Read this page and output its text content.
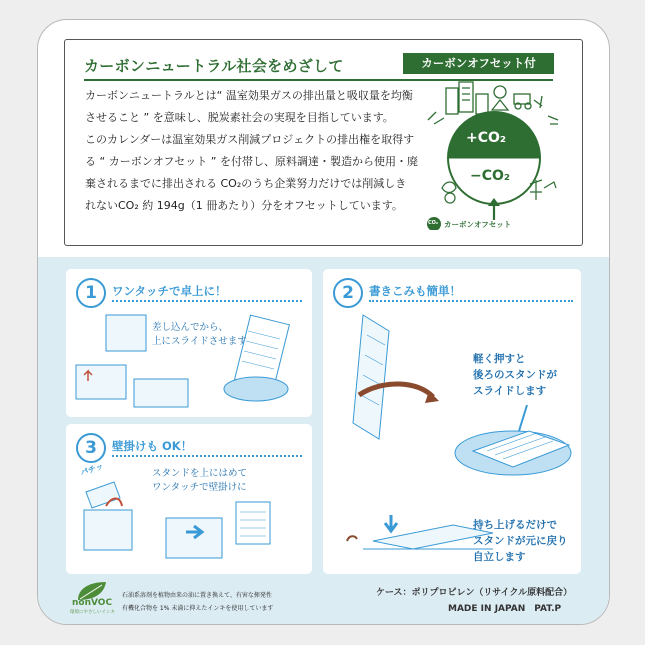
カーボンニュートラル社会をめざして	カーボンオフセット付
カーボンニュートラルとは“ 温室効果ガスの排出量と吸収量を均衡
させること ” を意味し、脱炭素社会の実現を目指しています。
このカレンダーは温室効果ガス削減プロジェクトの排出権を取得す
る “ カーボンオフセット ” を付帯し、原料調達・製造から使用・廃
棄されるまでに排出される CO₂のうち企業努力だけでは削減しき
れないCO₂ 約 194g（1 冊あたり）分をオフセットしています。
+CO₂
−CO₂
CO₂ カーボンオフセット
1	ワンタッチで卓上に！
差し込んでから、
上にスライドさせます
3	壁掛けも OK！
パチッ	スタンドを上にはめて
ワンタッチで壁掛けに
2	書きこみも簡単！
軽く押すと
後ろのスタンドが
スライドします
持ち上げるだけで
スタンドが元に戻り
自立します
nonVOC
環境にやさしいインキ
石油系溶剤を植物由来の油に置き換えて、有害な揮発性
有機化合物を 1% 未満に抑えたインキを使用しています
ケース：ポリプロピレン（リサイクル原料配合）
MADE IN JAPAN　PAT.P
